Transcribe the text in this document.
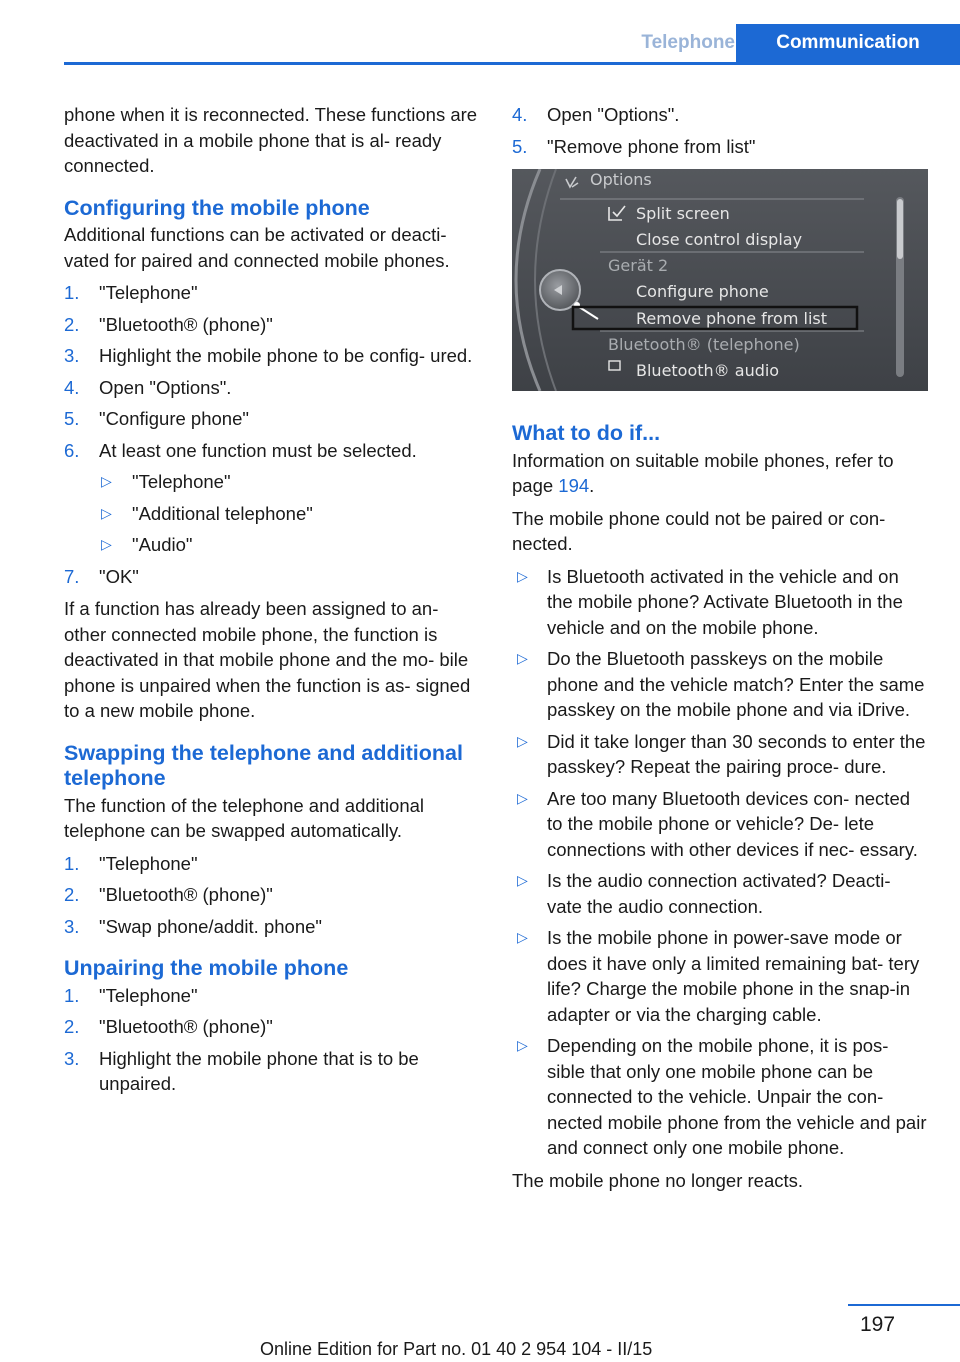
Telephone	Communication

phone when it is reconnected. These functions are deactivated in a mobile phone that is al‐ ready connected.

Configuring the mobile phone

Additional functions can be activated or deacti‐ vated for paired and connected mobile phones.

1. "Telephone"
2. "Bluetooth® (phone)"
3. Highlight the mobile phone to be config‐ ured.
4. Open "Options".
5. "Configure phone"
6. At least one function must be selected.
▷ "Telephone"
▷ "Additional telephone"
▷ "Audio"
7. "OK"

If a function has already been assigned to an‐ other connected mobile phone, the function is deactivated in that mobile phone and the mo‐ bile phone is unpaired when the function is as‐ signed to a new mobile phone.

Swapping the telephone and additional telephone

The function of the telephone and additional telephone can be swapped automatically.

1. "Telephone"
2. "Bluetooth® (phone)"
3. "Swap phone/addit. phone"
Unpairing the mobile phone
1. "Telephone"
2. "Bluetooth® (phone)"
3. Highlight the mobile phone that is to be unpaired.
4. Open "Options".
5. "Remove phone from list"
Options
Split screen
Close control display
Gerät 2
Configure phone
Remove phone from list
Bluetooth® (telephone)
Bluetooth® audio
What to do if...

Information on suitable mobile phones, refer to page 194.

The mobile phone could not be paired or con‐ nected.

▷ Is Bluetooth activated in the vehicle and on the mobile phone? Activate Bluetooth in the vehicle and on the mobile phone.
▷ Do the Bluetooth passkeys on the mobile phone and the vehicle match? Enter the same passkey on the mobile phone and via iDrive.
▷ Did it take longer than 30 seconds to enter the passkey? Repeat the pairing proce‐ dure.
▷ Are too many Bluetooth devices con‐ nected to the mobile phone or vehicle? De‐ lete connections with other devices if nec‐ essary.
▷ Is the audio connection activated? Deacti‐ vate the audio connection.
▷ Is the mobile phone in power-save mode or does it have only a limited remaining bat‐ tery life? Charge the mobile phone in the snap-in adapter or via the charging cable.
▷ Depending on the mobile phone, it is pos‐ sible that only one mobile phone can be connected to the vehicle. Unpair the con‐ nected mobile phone from the vehicle and pair and connect only one mobile phone.

The mobile phone no longer reacts.

197
Online Edition for Part no. 01 40 2 954 104 - II/15
